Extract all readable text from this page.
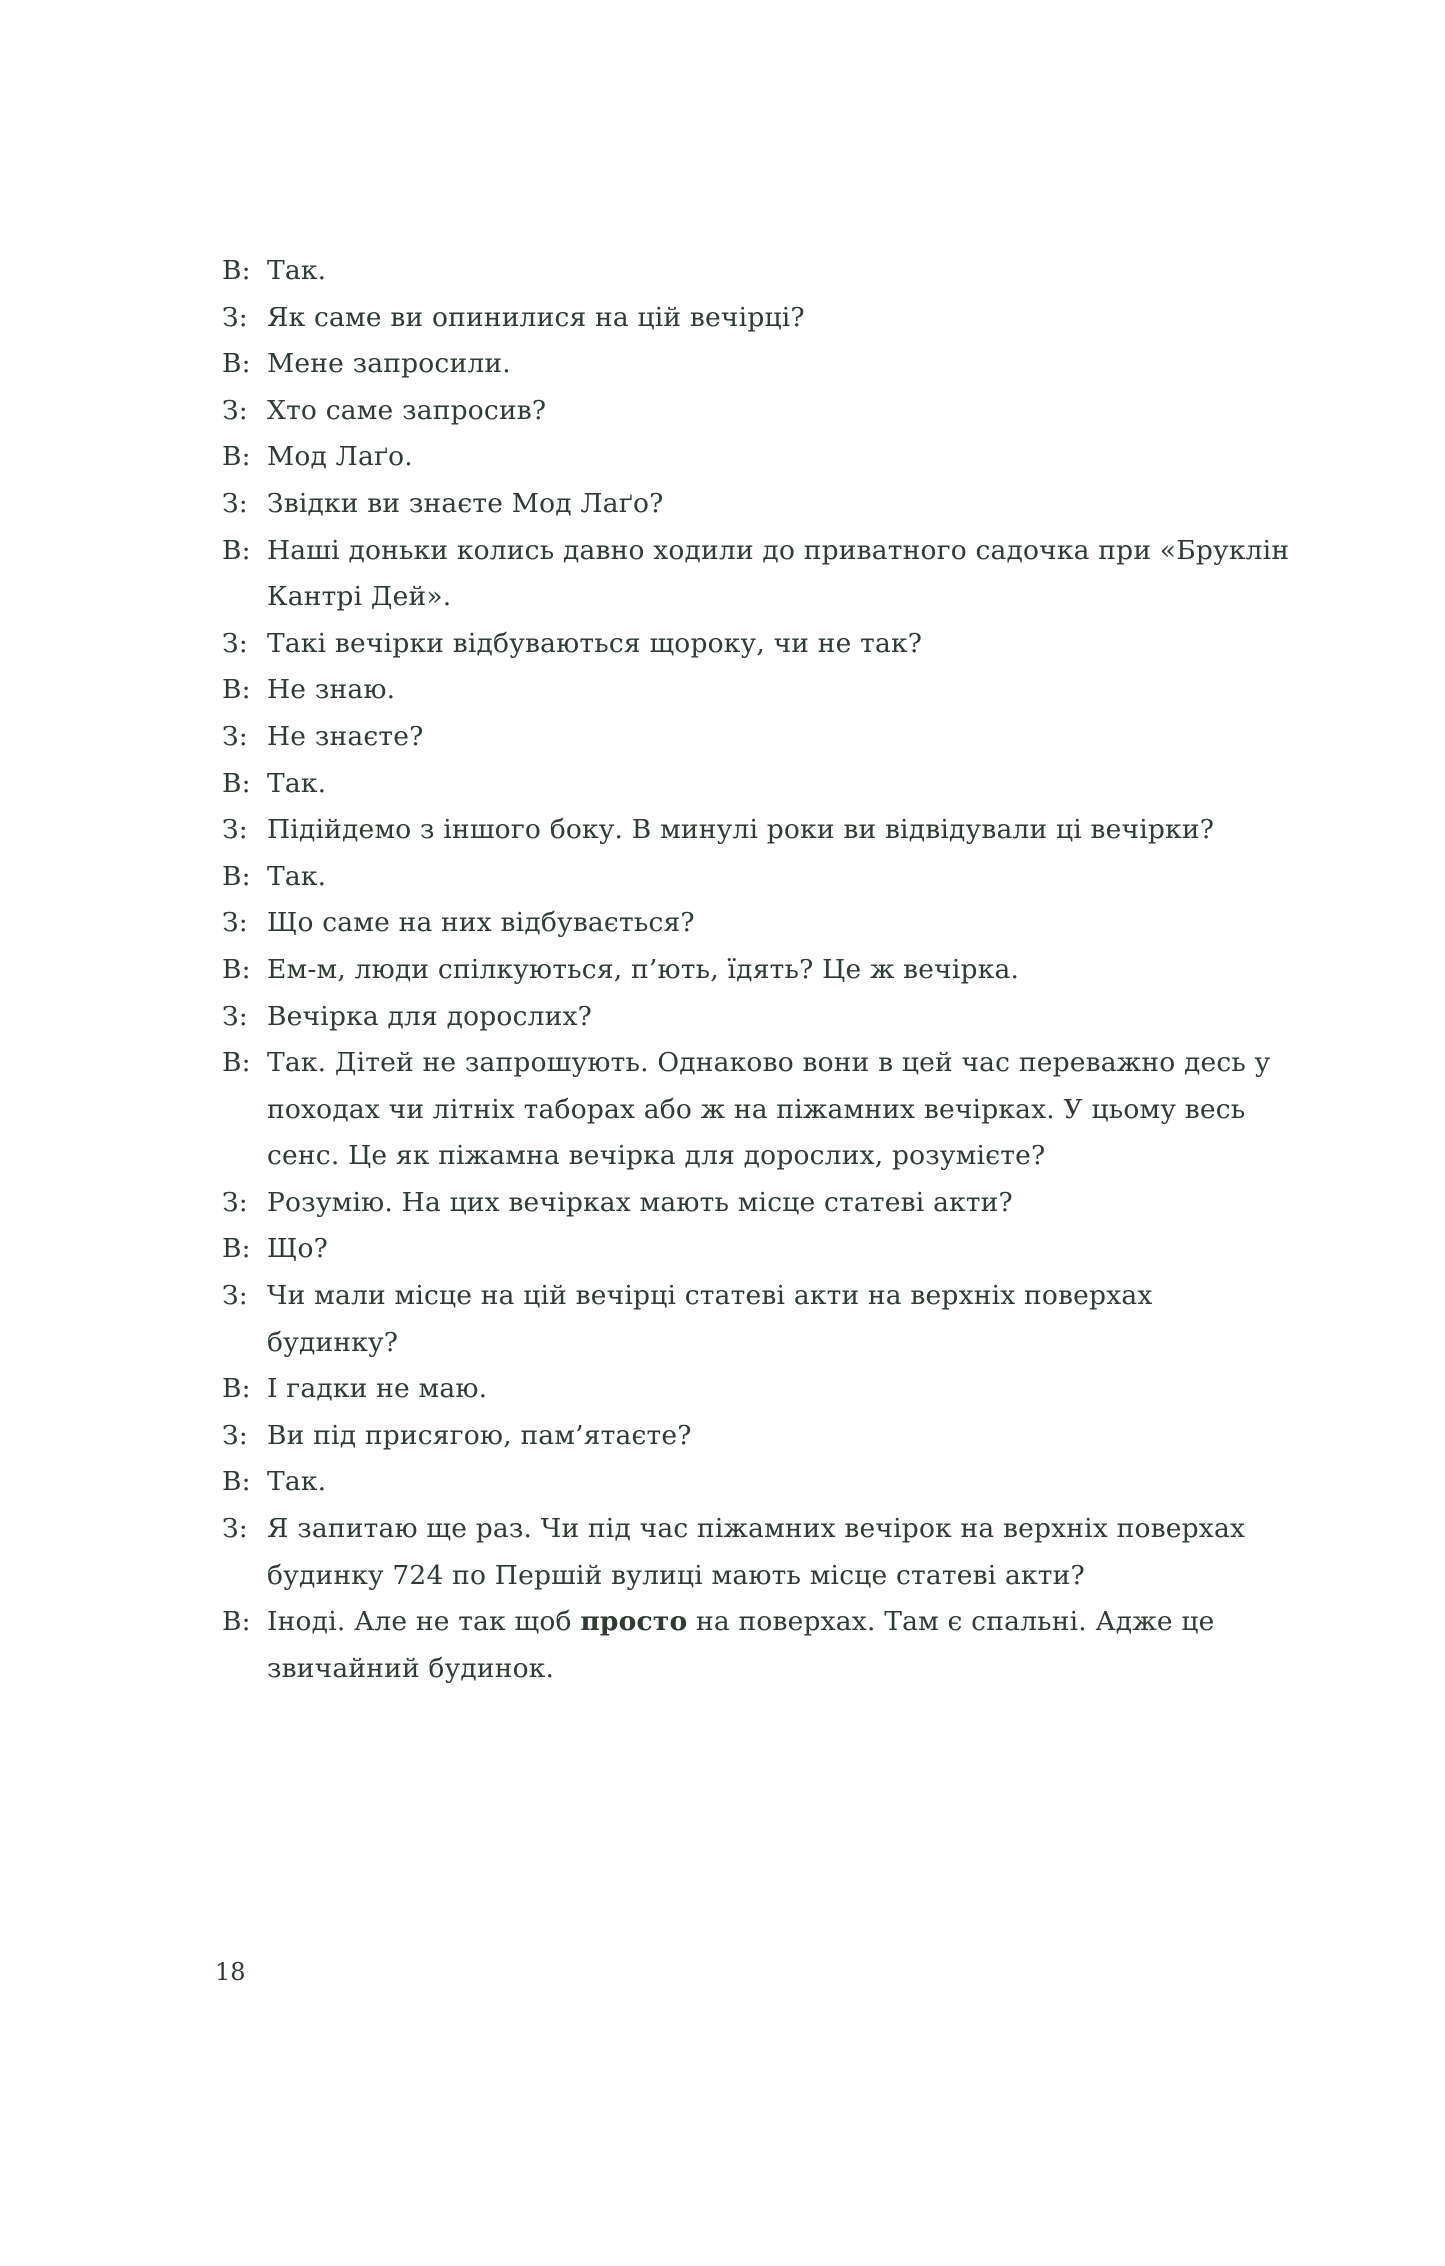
В: Так.
З: Як саме ви опинилися на цій вечірці?
В: Мене запросили.
З: Хто саме запросив?
В: Мод Лаґо.
З: Звідки ви знаєте Мод Лаґо?
В: Наші доньки колись давно ходили до приватного садочка при «Бруклін Кантрі Дей».
З: Такі вечірки відбуваються щороку, чи не так?
В: Не знаю.
З: Не знаєте?
В: Так.
З: Підійдемо з іншого боку. В минулі роки ви відвідували ці вечірки?
В: Так.
З: Що саме на них відбувається?
В: Ем-м, люди спілкуються, п’ють, їдять? Це ж вечірка.
З: Вечірка для дорослих?
В: Так. Дітей не запрошують. Однаково вони в цей час переважно десь у походах чи літніх таборах або ж на піжамних вечірках. У цьому весь сенс. Це як піжамна вечірка для дорослих, розумієте?
З: Розумію. На цих вечірках мають місце статеві акти?
В: Що?
З: Чи мали місце на цій вечірці статеві акти на верхніх поверхах будинку?
В: І гадки не маю.
З: Ви під присягою, пам’ятаєте?
В: Так.
З: Я запитаю ще раз. Чи під час піжамних вечірок на верхніх поверхах будинку 724 по Першій вулиці мають місце статеві акти?
В: Іноді. Але не так щоб просто на поверхах. Там є спальні. Адже це звичайний будинок.
18
